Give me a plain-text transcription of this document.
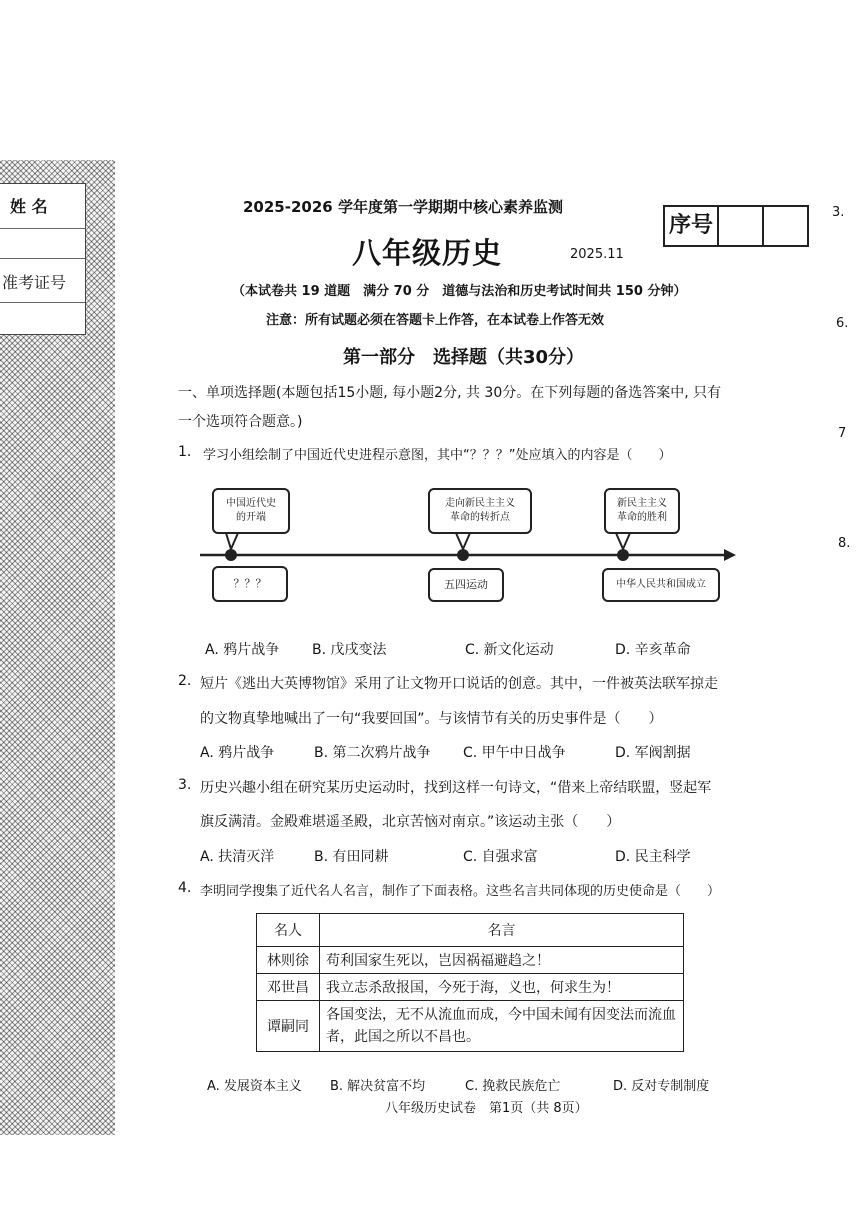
姓 名
准考证号
2025-2026 学年度第一学期期中核心素养监测
序号
八年级历史	2025.11
（本试卷共 19 道题　满分 70 分　道德与法治和历史考试时间共 150 分钟）
注意：所有试题必须在答题卡上作答，在本试卷上作答无效
第一部分　选择题（共30分）
一、单项选择题(本题包括15小题, 每小题2分, 共 30分。在下列每题的备选答案中, 只有
一个选项符合题意。)
1. 学习小组绘制了中国近代史进程示意图，其中“？？？”处应填入的内容是（　　）
中国近代史
的开端
走向新民主主义
革命的转折点
新民主主义
革命的胜利
？？？	五四运动	中华人民共和国成立
A. 鸦片战争 B. 戊戌变法	C. 新文化运动	D. 辛亥革命
2. 短片《逃出大英博物馆》采用了让文物开口说话的创意。其中，一件被英法联军掠走
的文物真挚地喊出了一句“我要回国”。与该情节有关的历史事件是（　　）
A. 鸦片战争	B. 第二次鸦片战争 C. 甲午中日战争	D. 军阀割据
3. 历史兴趣小组在研究某历史运动时，找到这样一句诗文，“借来上帝结联盟，竖起军
旗反满清。金殿难堪遥圣殿，北京苦恼对南京。”该运动主张（　　）
A. 扶清灭洋	B. 有田同耕	C. 自强求富	D. 民主科学
4. 李明同学搜集了近代名人名言，制作了下面表格。这些名言共同体现的历史使命是（　　）
名人	名言
林则徐	苟利国家生死以，岂因祸福避趋之！
邓世昌	我立志杀敌报国，今死于海，义也，何求生为！
谭嗣同	各国变法，无不从流血而成，今中国未闻有因变法而流血者，此国之所以不昌也。
A. 发展资本主义 B. 解决贫富不均	C. 挽救民族危亡	D. 反对专制制度
八年级历史试卷　第1页（共 8页）
3.
6.
7
8.
